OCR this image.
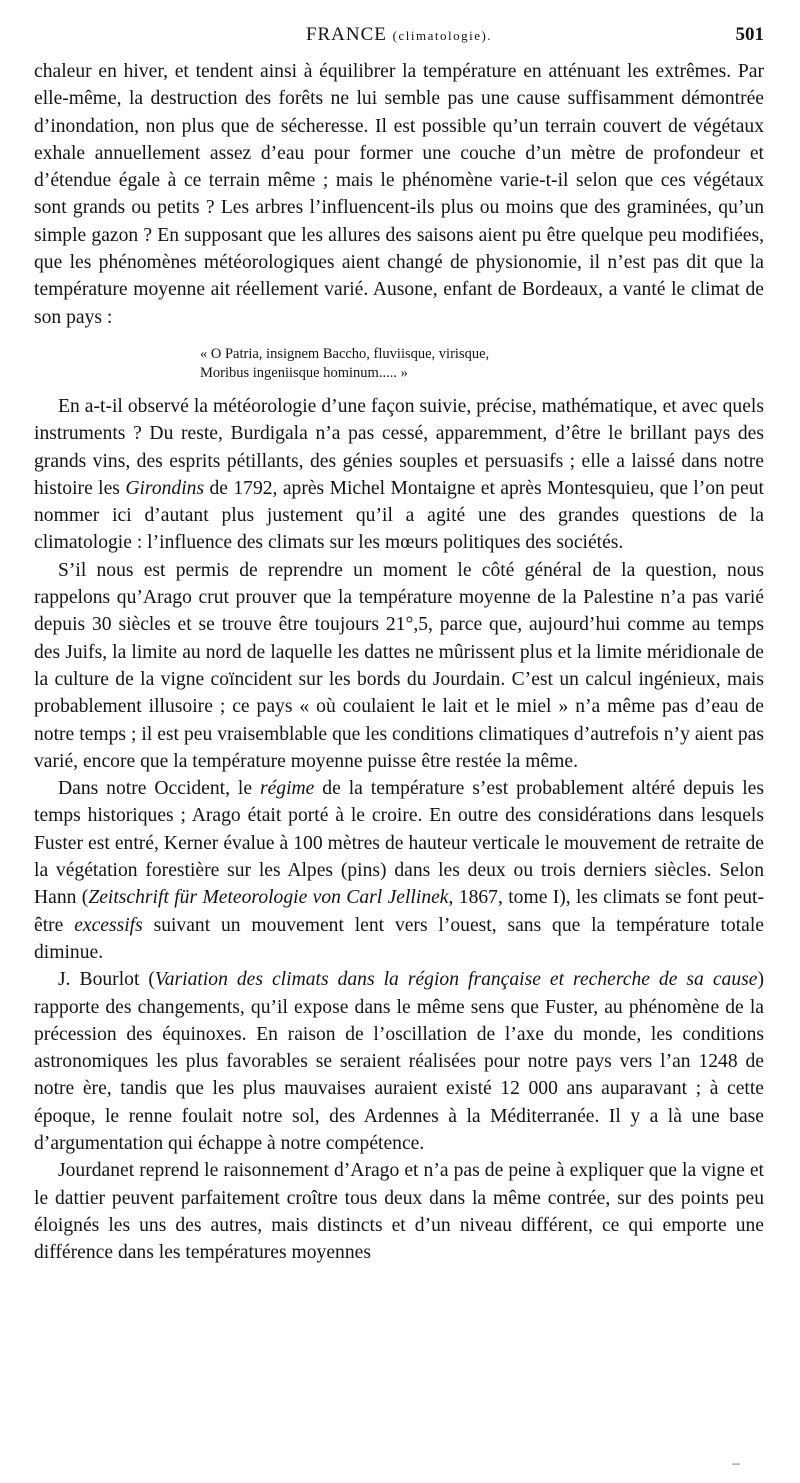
FRANCE (climatologie).	501

chaleur en hiver, et tendent ainsi à équilibrer la température en atténuant les extrêmes. Par elle-même, la destruction des forêts ne lui semble pas une cause suffisamment démontrée d’inondation, non plus que de sécheresse. Il est possible qu’un terrain couvert de végétaux exhale annuellement assez d’eau pour former une couche d’un mètre de profondeur et d’étendue égale à ce terrain même ; mais le phénomène varie-t-il selon que ces végétaux sont grands ou petits ? Les arbres l’influencent-ils plus ou moins que des graminées, qu’un simple gazon ? En supposant que les allures des saisons aient pu être quelque peu modifiées, que les phénomènes météorologiques aient changé de physionomie, il n’est pas dit que la température moyenne ait réellement varié. Ausone, enfant de Bordeaux, a vanté le climat de son pays :

« O Patria, insignem Baccho, fluviisque, virisque,
Moribus ingeniisque hominum..... »

En a-t-il observé la météorologie d’une façon suivie, précise, mathématique, et avec quels instruments ? Du reste, Burdigala n’a pas cessé, apparemment, d’être le brillant pays des grands vins, des esprits pétillants, des génies souples et persuasifs ; elle a laissé dans notre histoire les Girondins de 1792, après Michel Montaigne et après Montesquieu, que l’on peut nommer ici d’autant plus justement qu’il a agité une des grandes questions de la climatologie : l’influence des climats sur les mœurs politiques des sociétés.

S’il nous est permis de reprendre un moment le côté général de la question, nous rappelons qu’Arago crut prouver que la température moyenne de la Palestine n’a pas varié depuis 30 siècles et se trouve être toujours 21°,5, parce que, aujourd’hui comme au temps des Juifs, la limite au nord de laquelle les dattes ne mûrissent plus et la limite méridionale de la culture de la vigne coïncident sur les bords du Jourdain. C’est un calcul ingénieux, mais probablement illusoire ; ce pays « où coulaient le lait et le miel » n’a même pas d’eau de notre temps ; il est peu vraisemblable que les conditions climatiques d’autrefois n’y aient pas varié, encore que la température moyenne puisse être restée la même.

Dans notre Occident, le régime de la température s’est probablement altéré depuis les temps historiques ; Arago était porté à le croire. En outre des considérations dans lesquels Fuster est entré, Kerner évalue à 100 mètres de hauteur verticale le mouvement de retraite de la végétation forestière sur les Alpes (pins) dans les deux ou trois derniers siècles. Selon Hann (Zeitschrift für Meteorologie von Carl Jellinek, 1867, tome I), les climats se font peut-être excessifs suivant un mouvement lent vers l’ouest, sans que la température totale diminue.

J. Bourlot (Variation des climats dans la région française et recherche de sa cause) rapporte des changements, qu’il expose dans le même sens que Fuster, au phénomène de la précession des équinoxes. En raison de l’oscillation de l’axe du monde, les conditions astronomiques les plus favorables se seraient réalisées pour notre pays vers l’an 1248 de notre ère, tandis que les plus mauvaises auraient existé 12 000 ans auparavant ; à cette époque, le renne foulait notre sol, des Ardennes à la Méditerranée. Il y a là une base d’argumentation qui échappe à notre compétence.

Jourdanet reprend le raisonnement d’Arago et n’a pas de peine à expliquer que la vigne et le dattier peuvent parfaitement croître tous deux dans la même contrée, sur des points peu éloignés les uns des autres, mais distincts et d’un niveau différent, ce qui emporte une différence dans les températures moyennes

--
